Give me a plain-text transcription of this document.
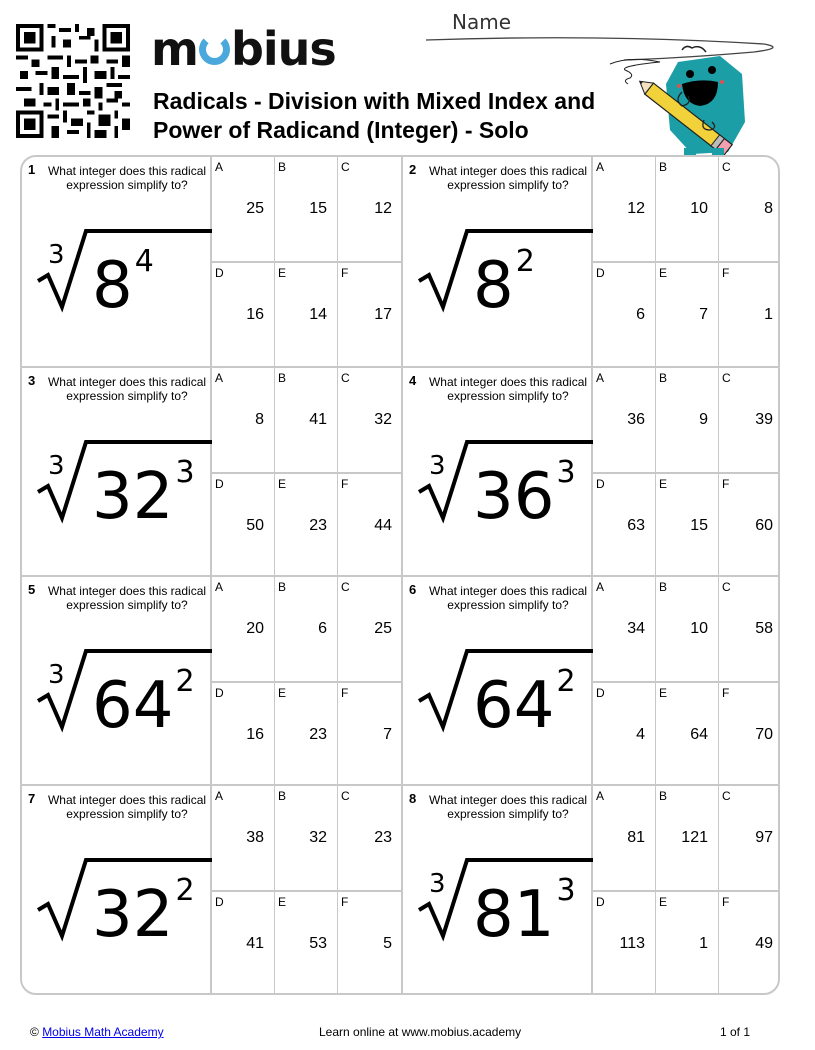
m bius
Radicals - Division with Mixed Index and
Power of Radicand (Integer) - Solo
Name
1	What integer does this radical expression simplify to?
3 8 4
A
25
B
15
C
12
D
16
E
14
F
17
2	What integer does this radical expression simplify to?
8 2
A
12
B
10
C
8
D
6
E
7
F
1
3	What integer does this radical expression simplify to?
3 32 3
A
8
B
41
C
32
D
50
E
23
F
44
4	What integer does this radical expression simplify to?
3 36 3
A
36
B
9
C
39
D
63
E
15
F
60
5	What integer does this radical expression simplify to?
3 64 2
A
20
B
6
C
25
D
16
E
23
F
7
6	What integer does this radical expression simplify to?
64 2
A
34
B
10
C
58
D
4
E
64
F
70
7	What integer does this radical expression simplify to?
32 2
A
38
B
32
C
23
D
41
E
53
F
5
8	What integer does this radical expression simplify to?
3 81 3
A
81
B
121
C
97
D
113
E
1
F
49
© Mobius Math Academy	Learn online at www.mobius.academy	1 of 1
